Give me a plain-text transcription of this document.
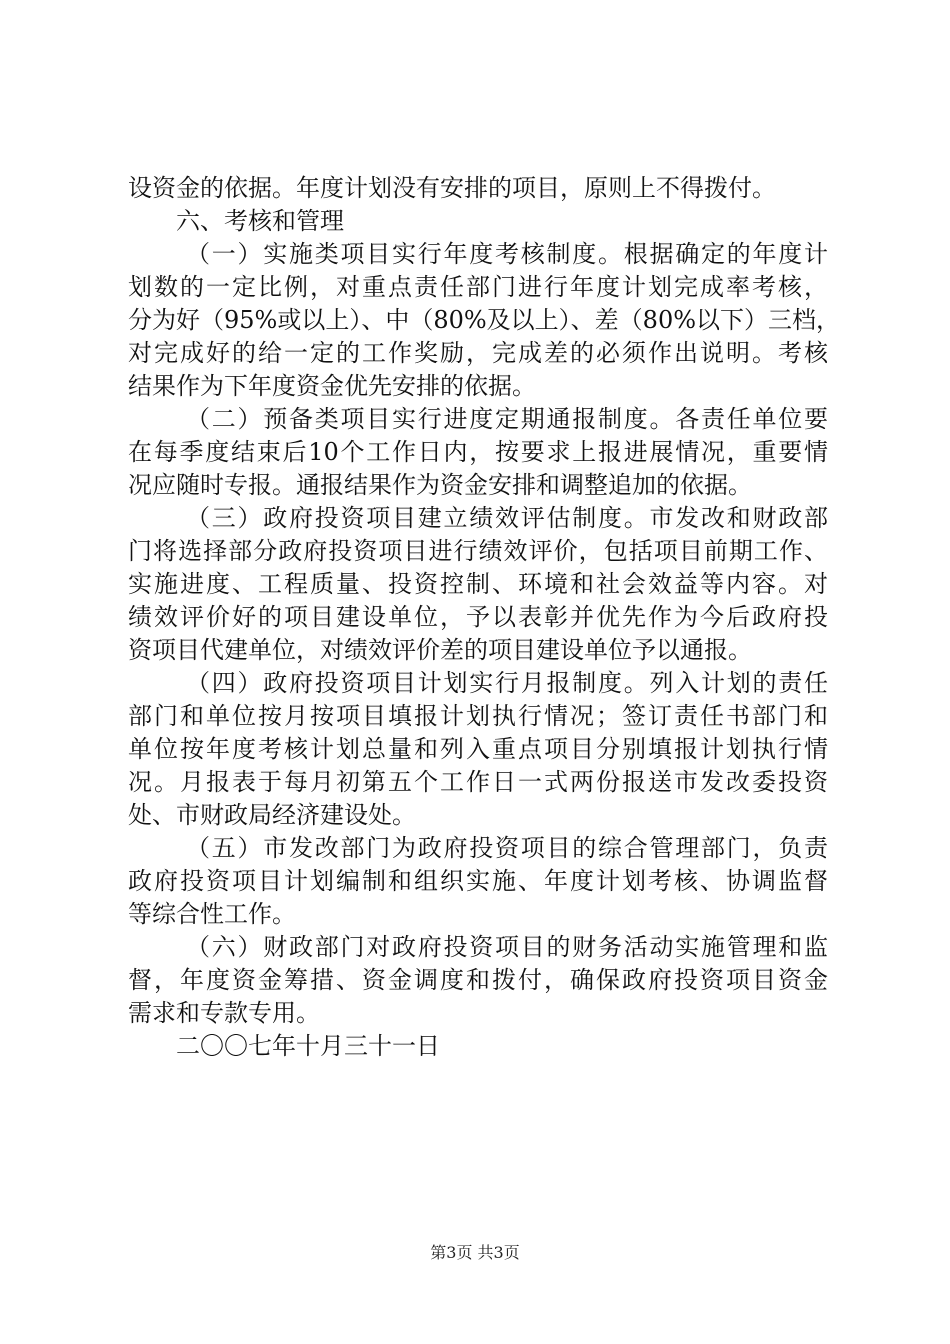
设资金的依据。年度计划没有安排的项目，原则上不得拨付。
六、考核和管理
（一）实施类项目实行年度考核制度。根据确定的年度计
划数的一定比例，对重点责任部门进行年度计划完成率考核，
分为好（95%或以上）、中（80%及以上）、差（80%以下）三档，
对完成好的给一定的工作奖励，完成差的必须作出说明。考核
结果作为下年度资金优先安排的依据。
（二）预备类项目实行进度定期通报制度。各责任单位要
在每季度结束后10个工作日内，按要求上报进展情况，重要情
况应随时专报。通报结果作为资金安排和调整追加的依据。
（三）政府投资项目建立绩效评估制度。市发改和财政部
门将选择部分政府投资项目进行绩效评价，包括项目前期工作、
实施进度、工程质量、投资控制、环境和社会效益等内容。对
绩效评价好的项目建设单位，予以表彰并优先作为今后政府投
资项目代建单位，对绩效评价差的项目建设单位予以通报。
（四）政府投资项目计划实行月报制度。列入计划的责任
部门和单位按月按项目填报计划执行情况；签订责任书部门和
单位按年度考核计划总量和列入重点项目分别填报计划执行情
况。月报表于每月初第五个工作日一式两份报送市发改委投资
处、市财政局经济建设处。
（五）市发改部门为政府投资项目的综合管理部门，负责
政府投资项目计划编制和组织实施、年度计划考核、协调监督
等综合性工作。
（六）财政部门对政府投资项目的财务活动实施管理和监
督，年度资金筹措、资金调度和拨付，确保政府投资项目资金
需求和专款专用。
二〇〇七年十月三十一日
第3页 共3页
